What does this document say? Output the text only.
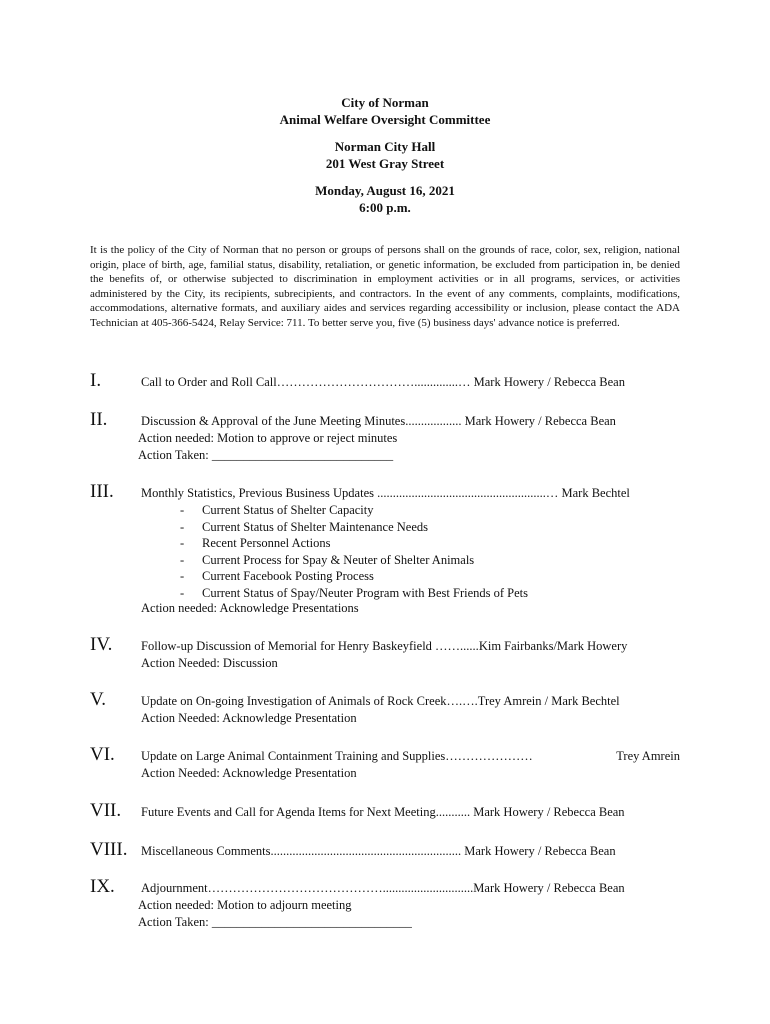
City of Norman
Animal Welfare Oversight Committee
Norman City Hall
201 West Gray Street
Monday, August 16, 2021
6:00 p.m.
It is the policy of the City of Norman that no person or groups of persons shall on the grounds of race, color, sex, religion, national origin, place of birth, age, familial status, disability, retaliation, or genetic information, be excluded from participation in, be denied the benefits of, or otherwise subjected to discrimination in employment activities or in all programs, services, or activities administered by the City, its recipients, subrecipients, and contractors. In the event of any comments, complaints, modifications, accommodations, alternative formats, and auxiliary aides and services regarding accessibility or inclusion, please contact the ADA Technician at 405-366-5424, Relay Service: 711. To better serve you, five (5) business days' advance notice is preferred.
I.	Call to Order and Roll Call……………………………..............… Mark Howery / Rebecca Bean
II.	Discussion & Approval of the June Meeting Minutes.................. Mark Howery / Rebecca Bean
Action needed: Motion to approve or reject minutes
Action Taken: _____________________________
III. Monthly Statistics, Previous Business Updates ......................................................… Mark Bechtel
- Current Status of Shelter Capacity
- Current Status of Shelter Maintenance Needs
- Recent Personnel Actions
- Current Process for Spay & Neuter of Shelter Animals
- Current Facebook Posting Process
- Current Status of Spay/Neuter Program with Best Friends of Pets
Action needed: Acknowledge Presentations
IV. Follow-up Discussion of Memorial for Henry Baskeyfield ……......Kim Fairbanks/Mark Howery
Action Needed: Discussion
V.	Update on On-going Investigation of Animals of Rock Creek….….Trey Amrein / Mark Bechtel
Action Needed: Acknowledge Presentation
VI. Update on Large Animal Containment Training and Supplies…………………	Trey Amrein
Action Needed: Acknowledge Presentation
VII. Future Events and Call for Agenda Items for Next Meeting........... Mark Howery / Rebecca Bean
VIII. Miscellaneous Comments............................................................. Mark Howery / Rebecca Bean
IX. Adjournment…………………………………….............................Mark Howery / Rebecca Bean
Action needed: Motion to adjourn meeting
Action Taken: ________________________________
